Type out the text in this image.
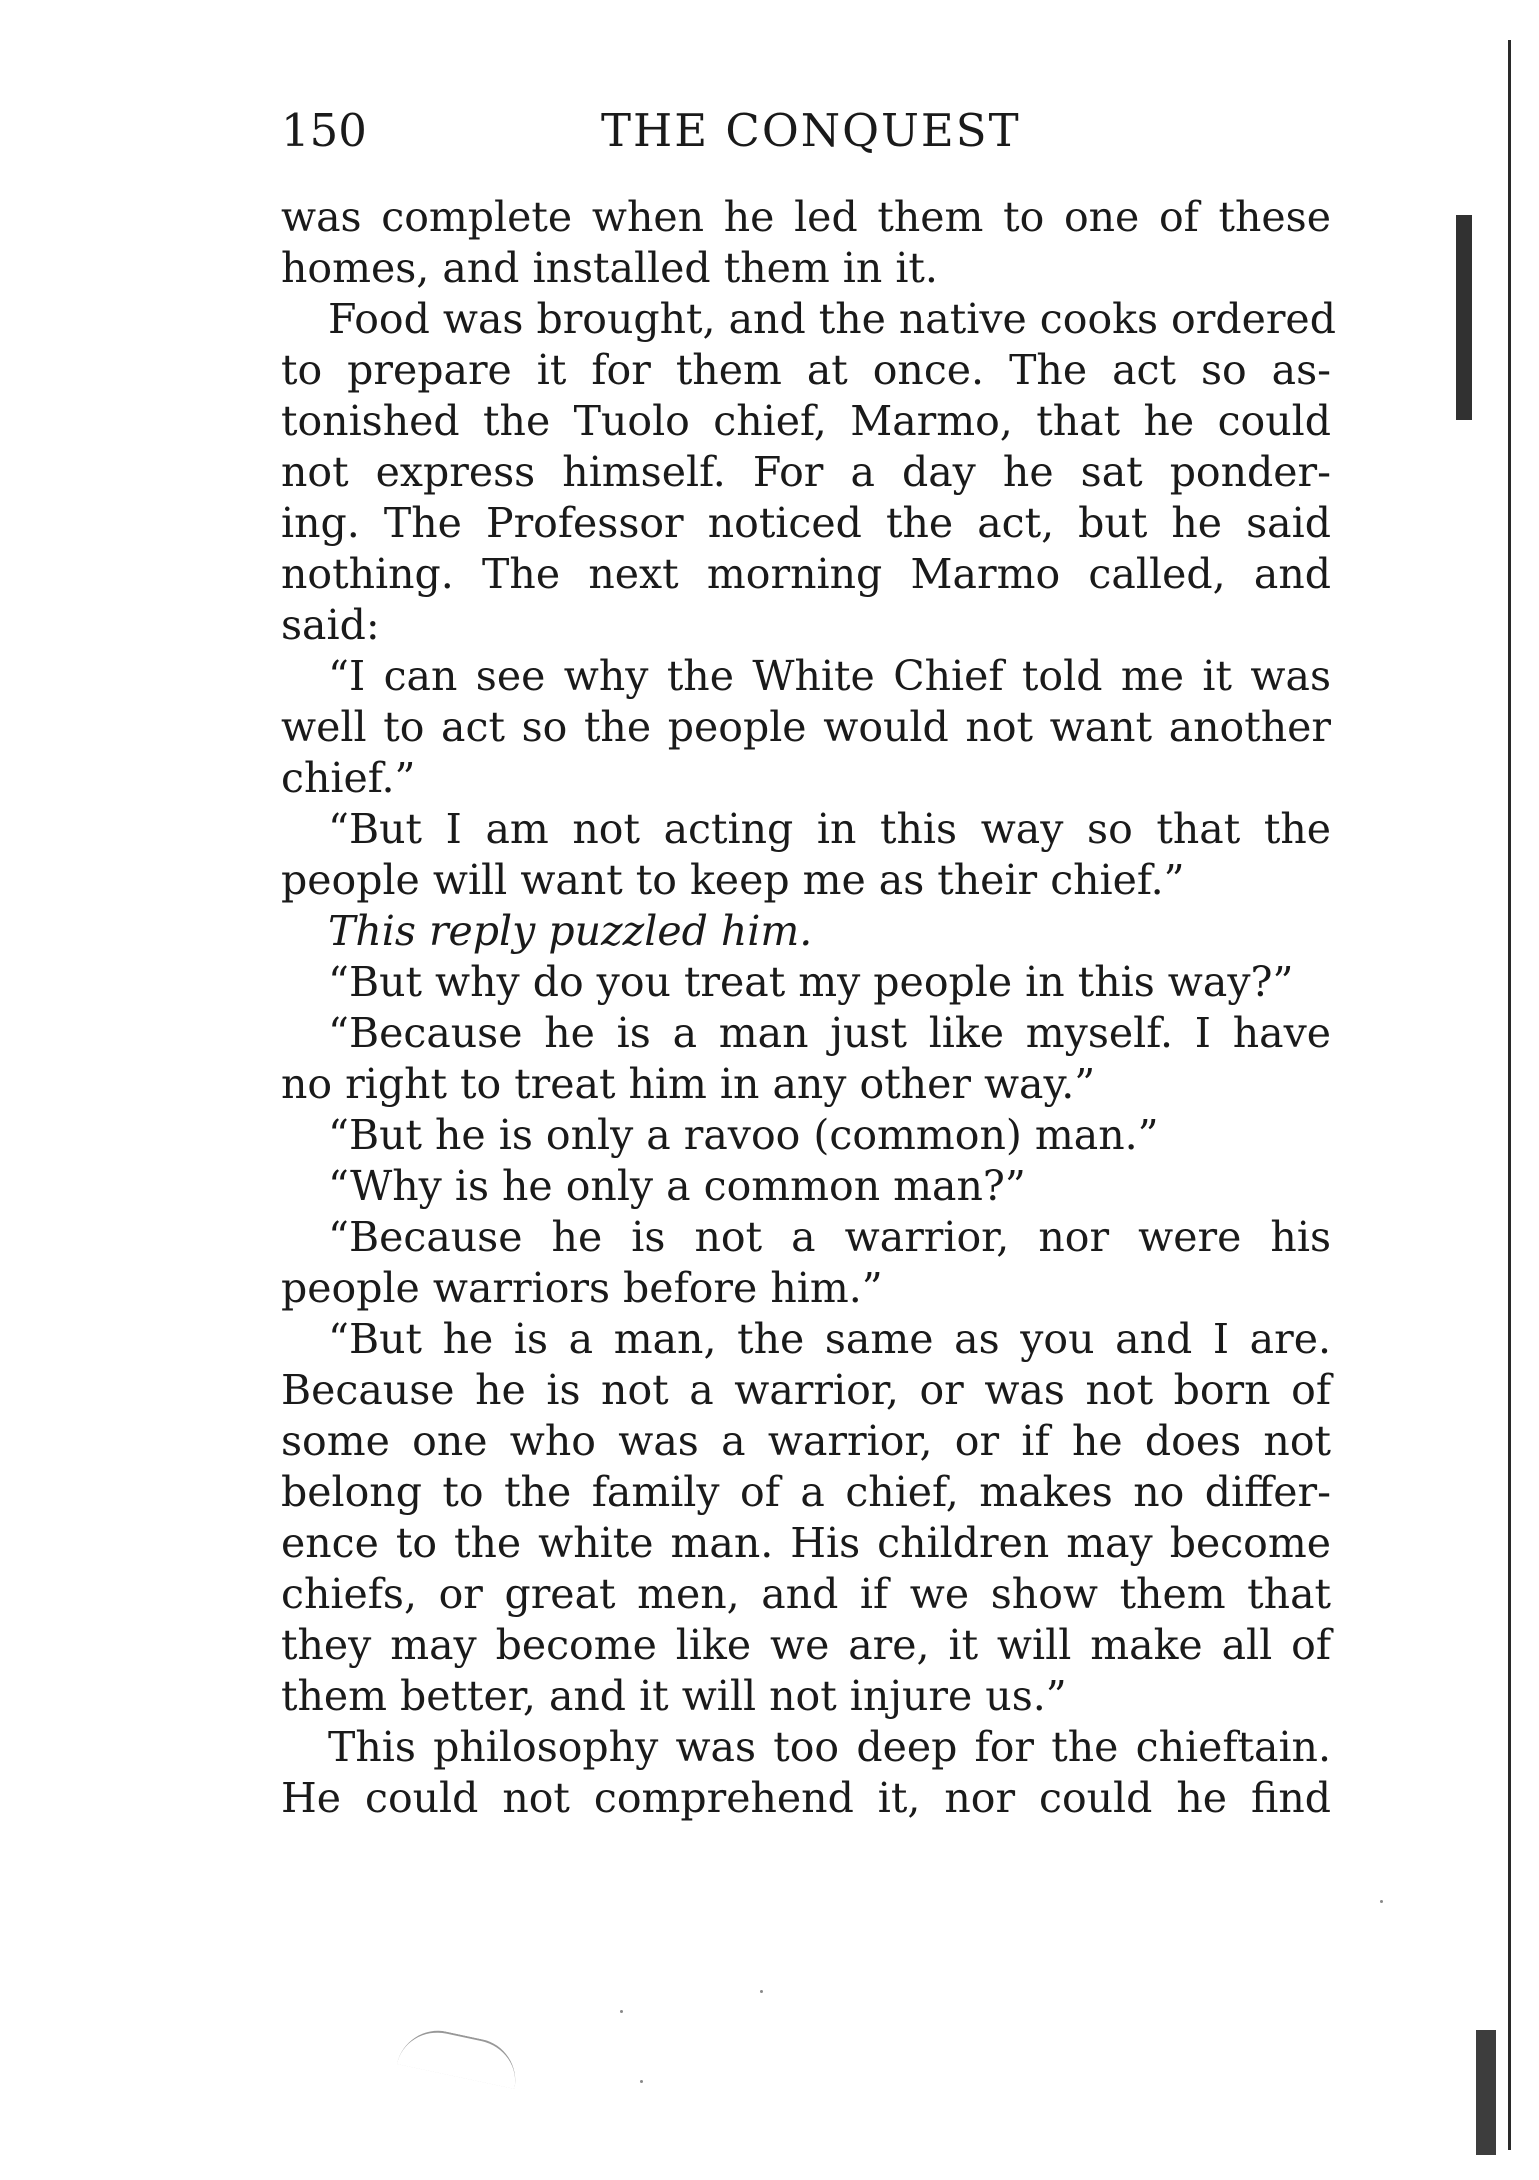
150	THE CONQUEST
was complete when he led them to one of these
homes, and installed them in it.
Food was brought, and the native cooks ordered
to prepare it for them at once. The act so as-
tonished the Tuolo chief, Marmo, that he could
not express himself. For a day he sat ponder-
ing. The Professor noticed the act, but he said
nothing. The next morning Marmo called, and
said:
“I can see why the White Chief told me it was
well to act so the people would not want another
chief.”
“But I am not acting in this way so that the
people will want to keep me as their chief.”
This reply puzzled him.
“But why do you treat my people in this way?”
“Because he is a man just like myself. I have
no right to treat him in any other way.”
“But he is only a ravoo (common) man.”
“Why is he only a common man?”
“Because he is not a warrior, nor were his
people warriors before him.”
“But he is a man, the same as you and I are.
Because he is not a warrior, or was not born of
some one who was a warrior, or if he does not
belong to the family of a chief, makes no differ-
ence to the white man. His children may become
chiefs, or great men, and if we show them that
they may become like we are, it will make all of
them better, and it will not injure us.”
This philosophy was too deep for the chieftain.
He could not comprehend it, nor could he find
